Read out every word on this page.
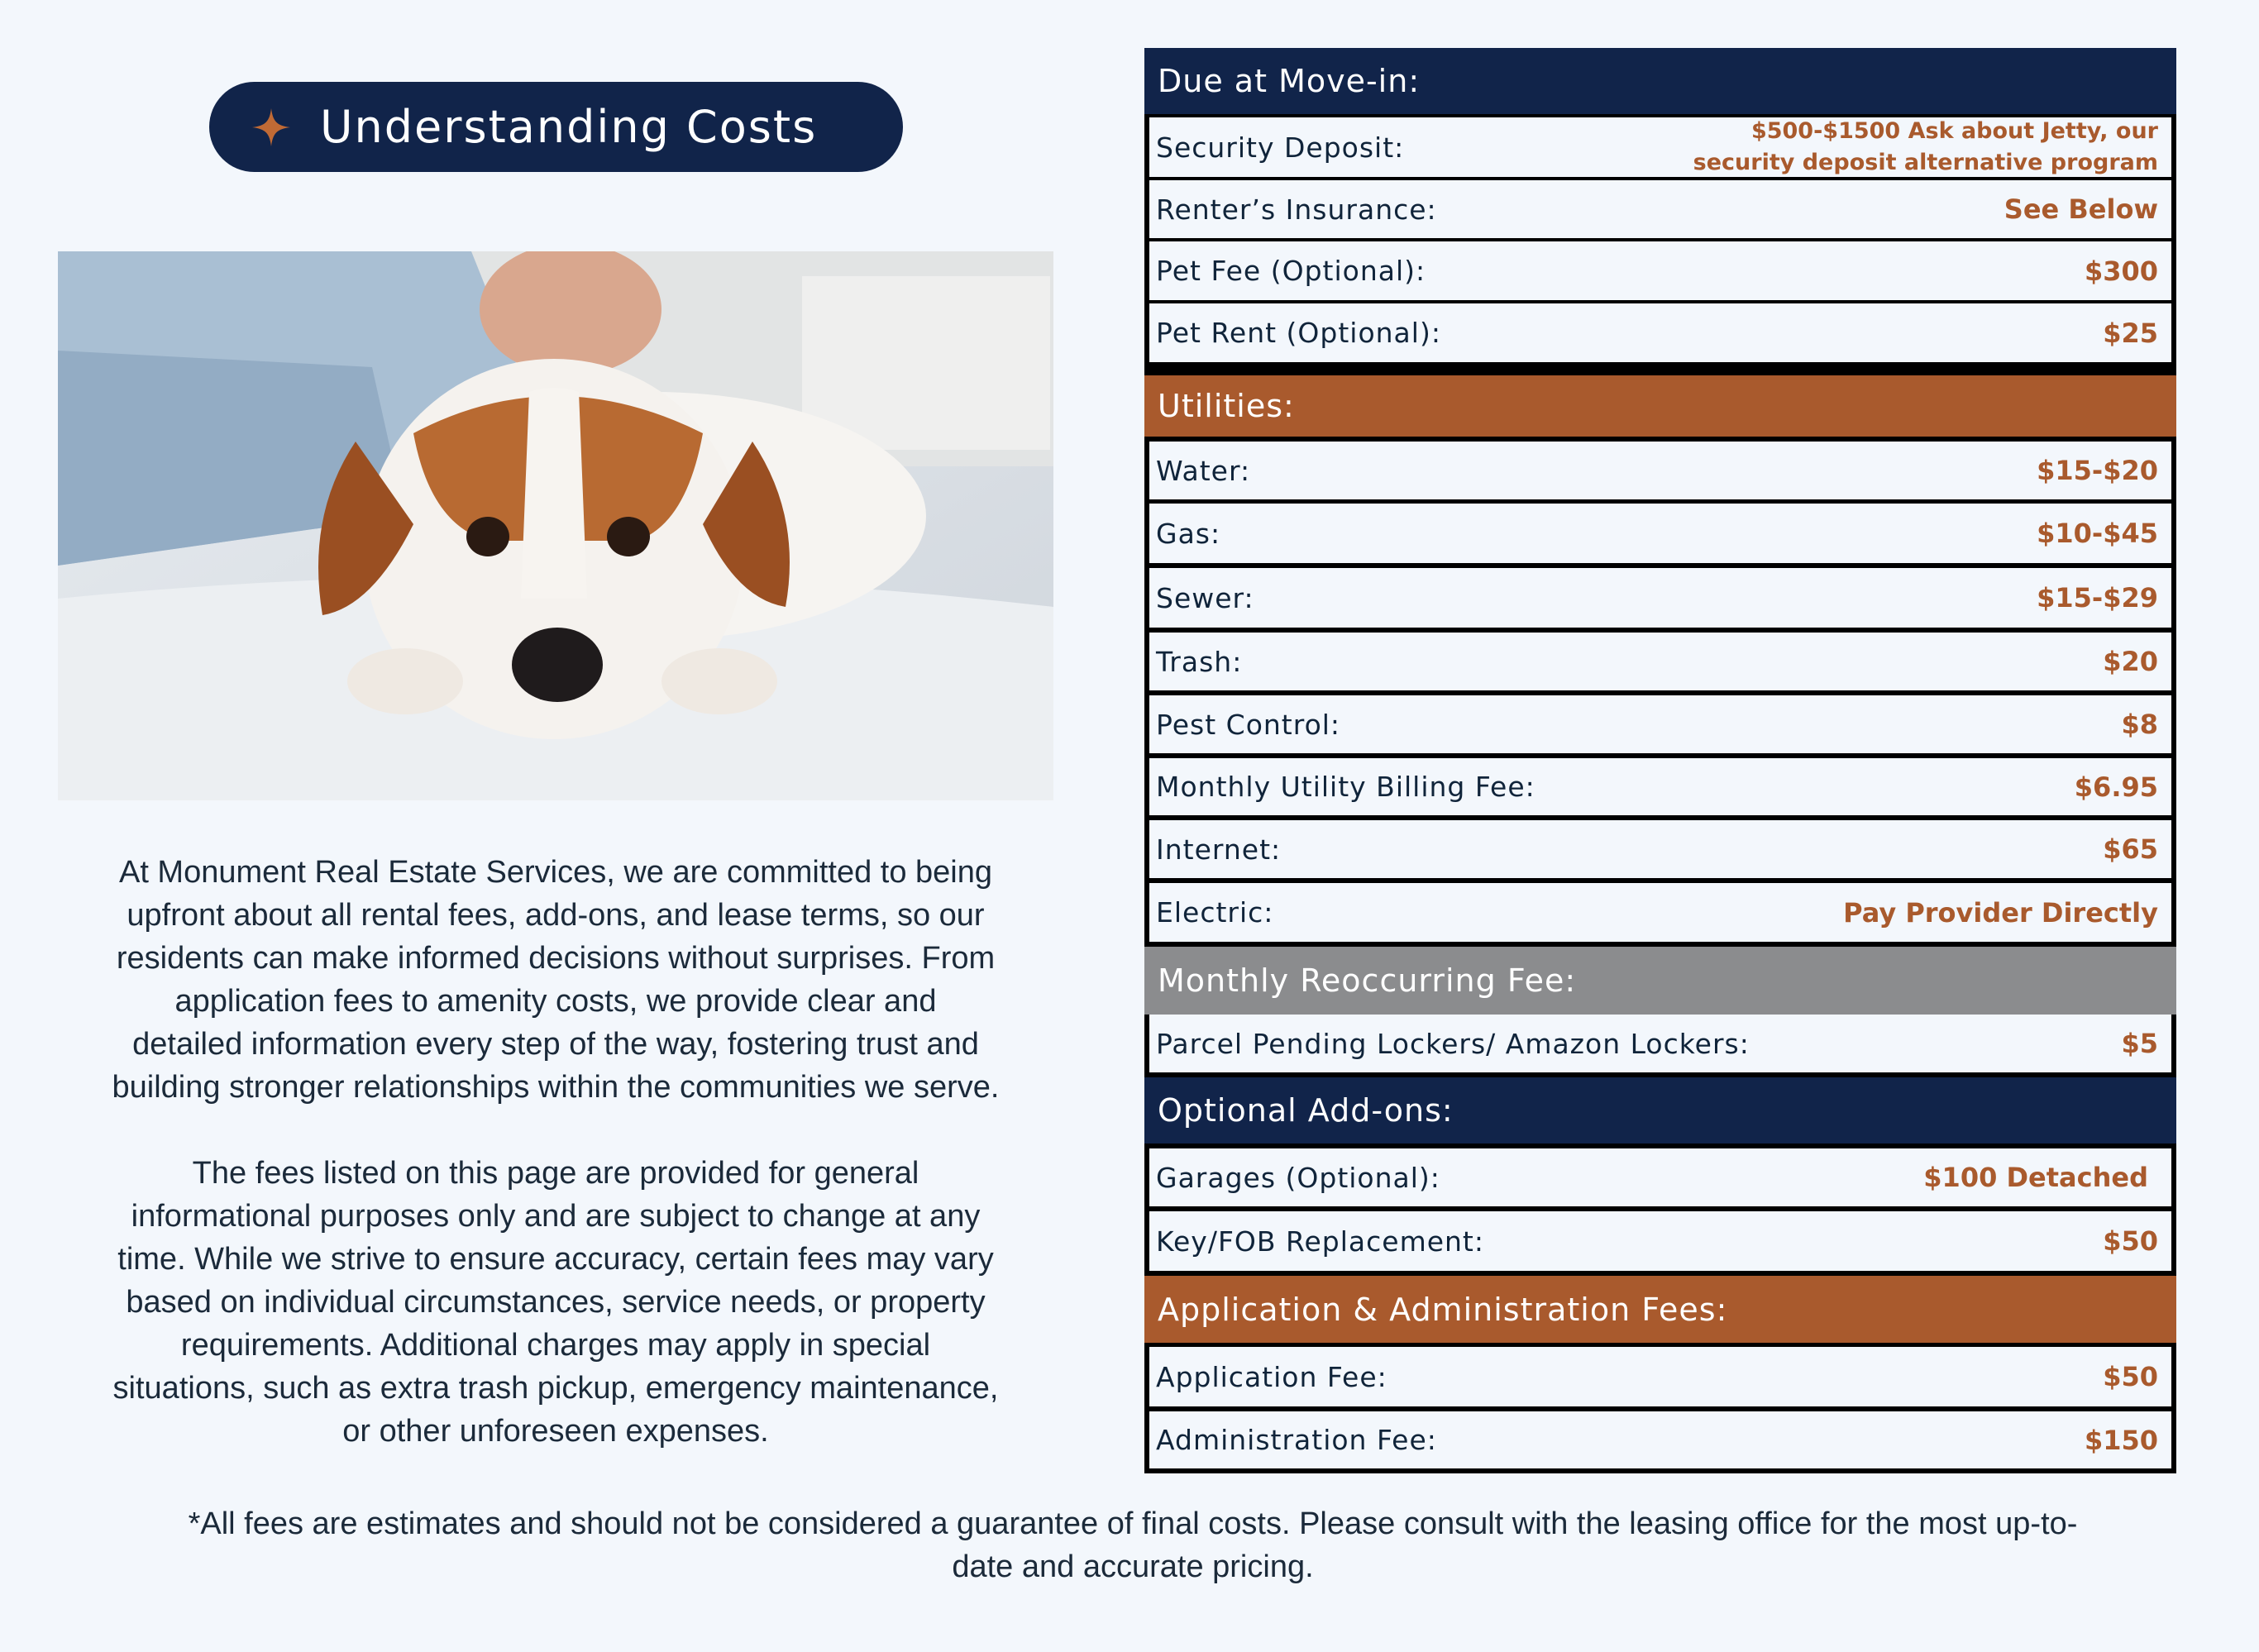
Understanding Costs
At Monument Real Estate Services, we are committed to being
upfront about all rental fees, add-ons, and lease terms, so our
residents can make informed decisions without surprises. From
application fees to amenity costs, we provide clear and
detailed information every step of the way, fostering trust and
building stronger relationships within the communities we serve.
The fees listed on this page are provided for general
informational purposes only and are subject to change at any
time. While we strive to ensure accuracy, certain fees may vary
based on individual circumstances, service needs, or property
requirements. Additional charges may apply in special
situations, such as extra trash pickup, emergency maintenance,
or other unforeseen expenses.
*All fees are estimates and should not be considered a guarantee of final costs. Please consult with the leasing office for the most up-to-
date and accurate pricing.
Due at Move-in:
Security Deposit:	$500-$1500 Ask about Jetty, our
security deposit alternative program
Renter’s Insurance:	See Below
Pet Fee (Optional):	$300
Pet Rent (Optional):	$25
Utilities:
Water:	$15-$20
Gas:	$10-$45
Sewer:	$15-$29
Trash:	$20
Pest Control:	$8
Monthly Utility Billing Fee:	$6.95
Internet:	$65
Electric:	Pay Provider Directly
Monthly Reoccurring Fee:
Parcel Pending Lockers/ Amazon Lockers:	$5
Optional Add-ons:
Garages (Optional):	$100 Detached
Key/FOB Replacement:	$50
Application & Administration Fees:
Application Fee:	$50
Administration Fee:	$150
